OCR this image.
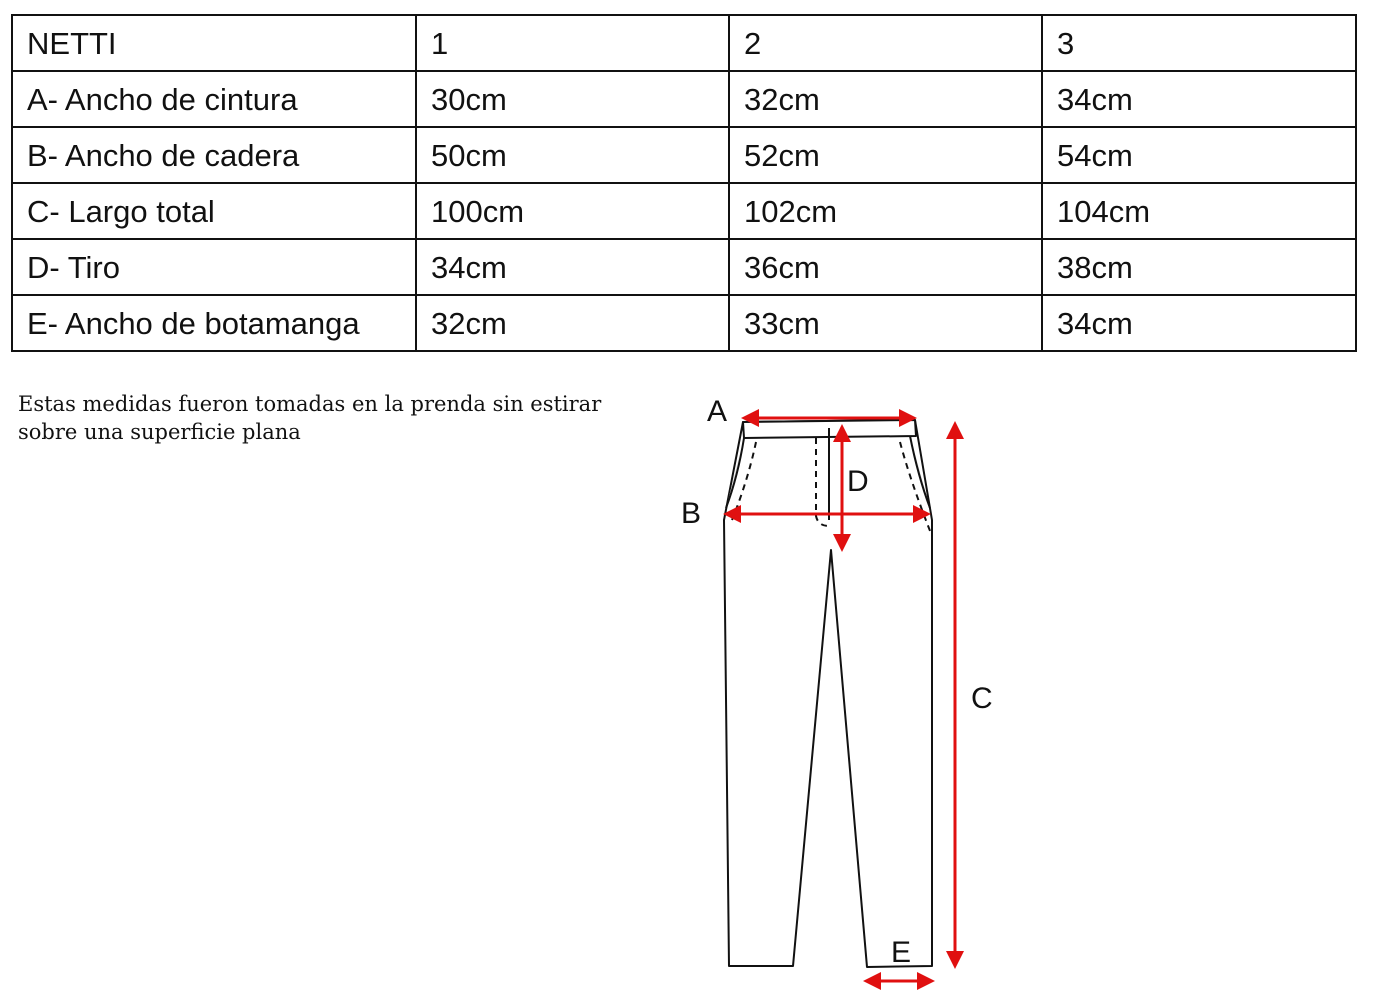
NETTI	1	2	3
A- Ancho de cintura	30cm	32cm	34cm
B- Ancho de cadera	50cm	52cm	54cm
C- Largo total	100cm	102cm	104cm
D- Tiro	34cm	36cm	38cm
E- Ancho de botamanga	32cm	33cm	34cm
Estas medidas fueron tomadas en la prenda sin estirar
sobre una superficie plana
A
B
D
C
E
